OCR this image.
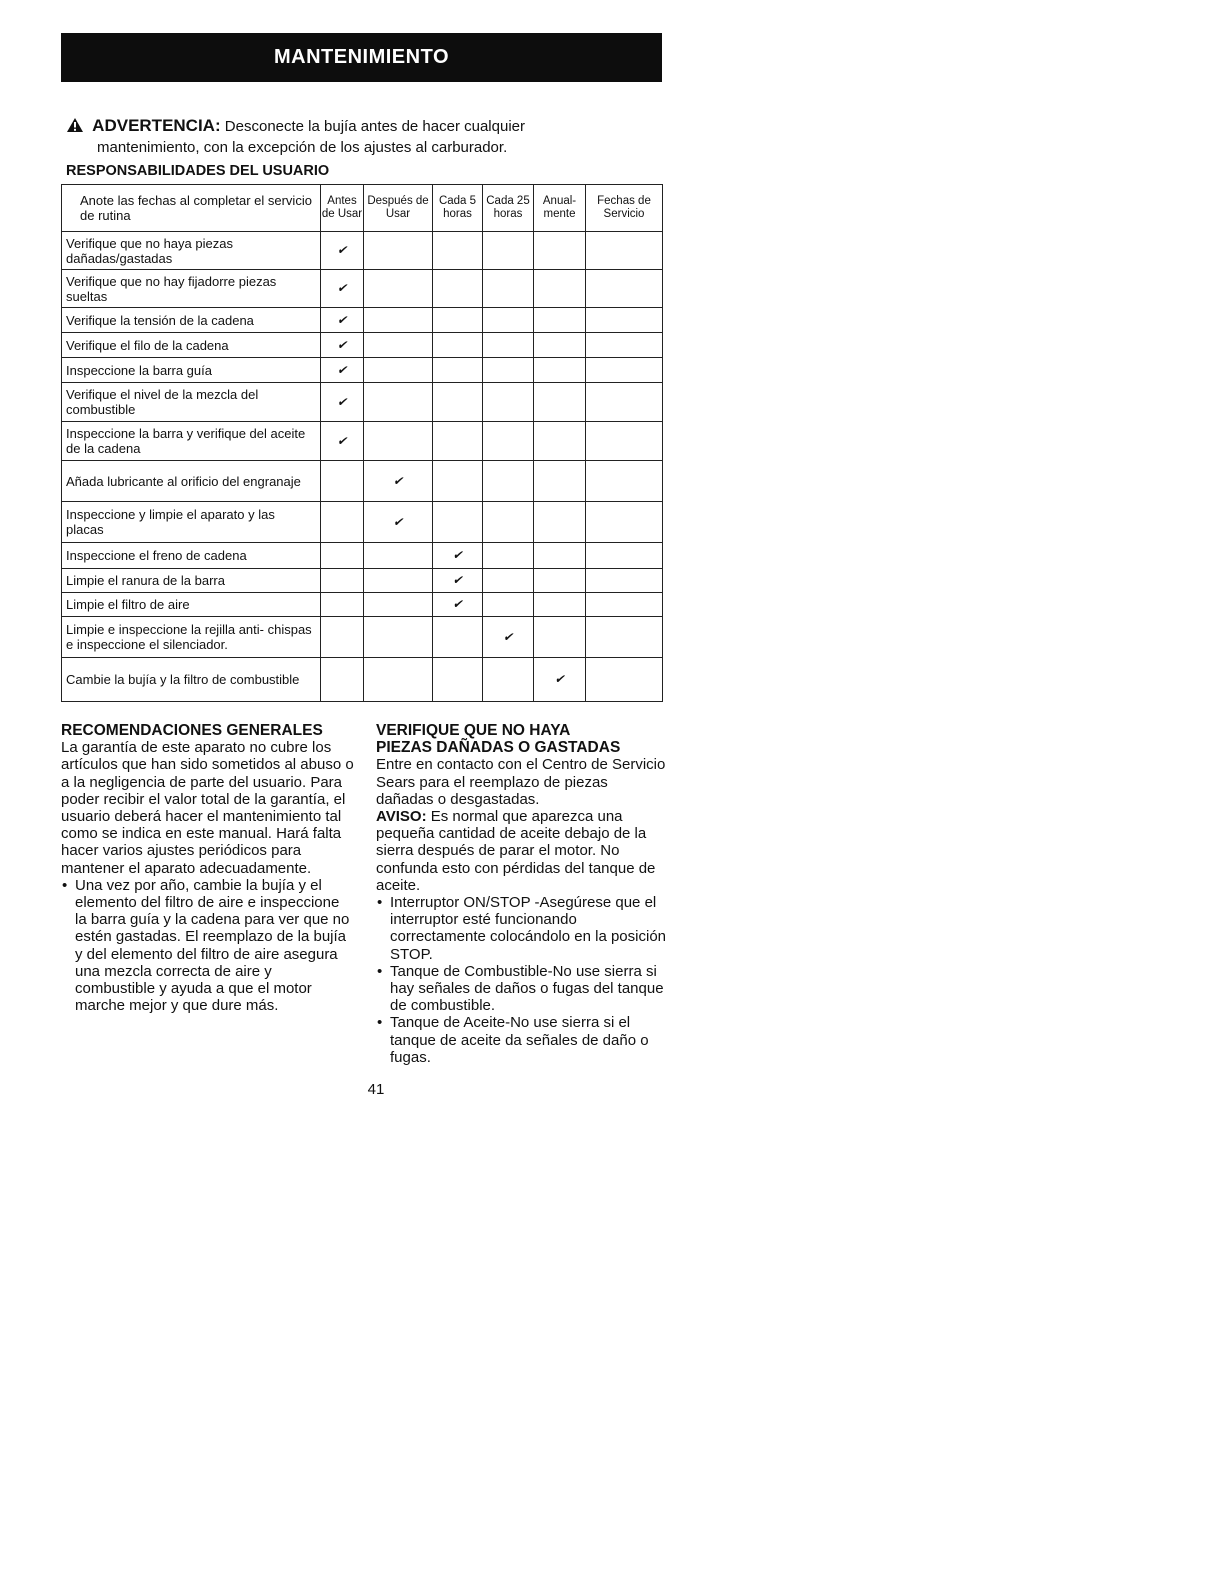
MANTENIMIENTO
ADVERTENCIA: Desconecte la bujía antes de hacer cualquier
mantenimiento, con la excepción de los ajustes al carburador.
RESPONSABILIDADES DEL USUARIO
Anote las fechas al completar el servicio de rutina	Antes de Usar	Después de Usar	Cada 5 horas	Cada 25 horas	Anual- mente	Fechas de Servicio
Verifique que no haya piezas dañadas/gastadas	✔					
Verifique que no hay fijadorre piezas sueltas	✔					
Verifique la tensión de la cadena	✔					
Verifique el filo de la cadena	✔					
Inspeccione la barra guía	✔					
Verifique el nivel de la mezcla del combustible	✔					
Inspeccione la barra y verifique del aceite de la cadena	✔					
Añada lubricante al orificio del engranaje		✔				
Inspeccione y limpie el aparato y las placas		✔				
Inspeccione el freno de cadena			✔			
Limpie el ranura de la barra			✔			
Limpie el filtro de aire			✔			
Limpie e inspeccione la rejilla anti- chispas e inspeccione el silenciador.				✔		
Cambie la bujía y la filtro de combustible					✔	

RECOMENDACIONES GENERALES

La garantía de este aparato no cubre los artículos que han sido sometidos al abuso o a la negligencia de parte del usuario. Para poder recibir el valor total de la garantía, el usuario deberá hacer el mantenimiento tal como se indica en este manual. Hará falta hacer varios ajustes periódicos para mantener el aparato adecuadamente.

• Una vez por año, cambie la bujía y el elemento del filtro de aire e inspeccione la barra guía y la cadena para ver que no estén gastadas. El reemplazo de la bujía y del elemento del filtro de aire asegura una mezcla correcta de aire y combustible y ayuda a que el motor marche mejor y que dure más.

VERIFIQUE QUE NO HAYA

PIEZAS DAÑADAS O GASTADAS

Entre en contacto con el Centro de Servicio Sears para el reemplazo de piezas dañadas o desgastadas.

AVISO: Es normal que aparezca una pequeña cantidad de aceite debajo de la sierra después de parar el motor. No confunda esto con pérdidas del tanque de aceite.

• Interruptor ON/STOP -Asegúrese que el interruptor esté funcionando correctamente colocándolo en la posición STOP.

• Tanque de Combustible-No use sierra si hay señales de daños o fugas del tanque de combustible.

• Tanque de Aceite-No use sierra si el tanque de aceite da señales de daño o fugas.

41
